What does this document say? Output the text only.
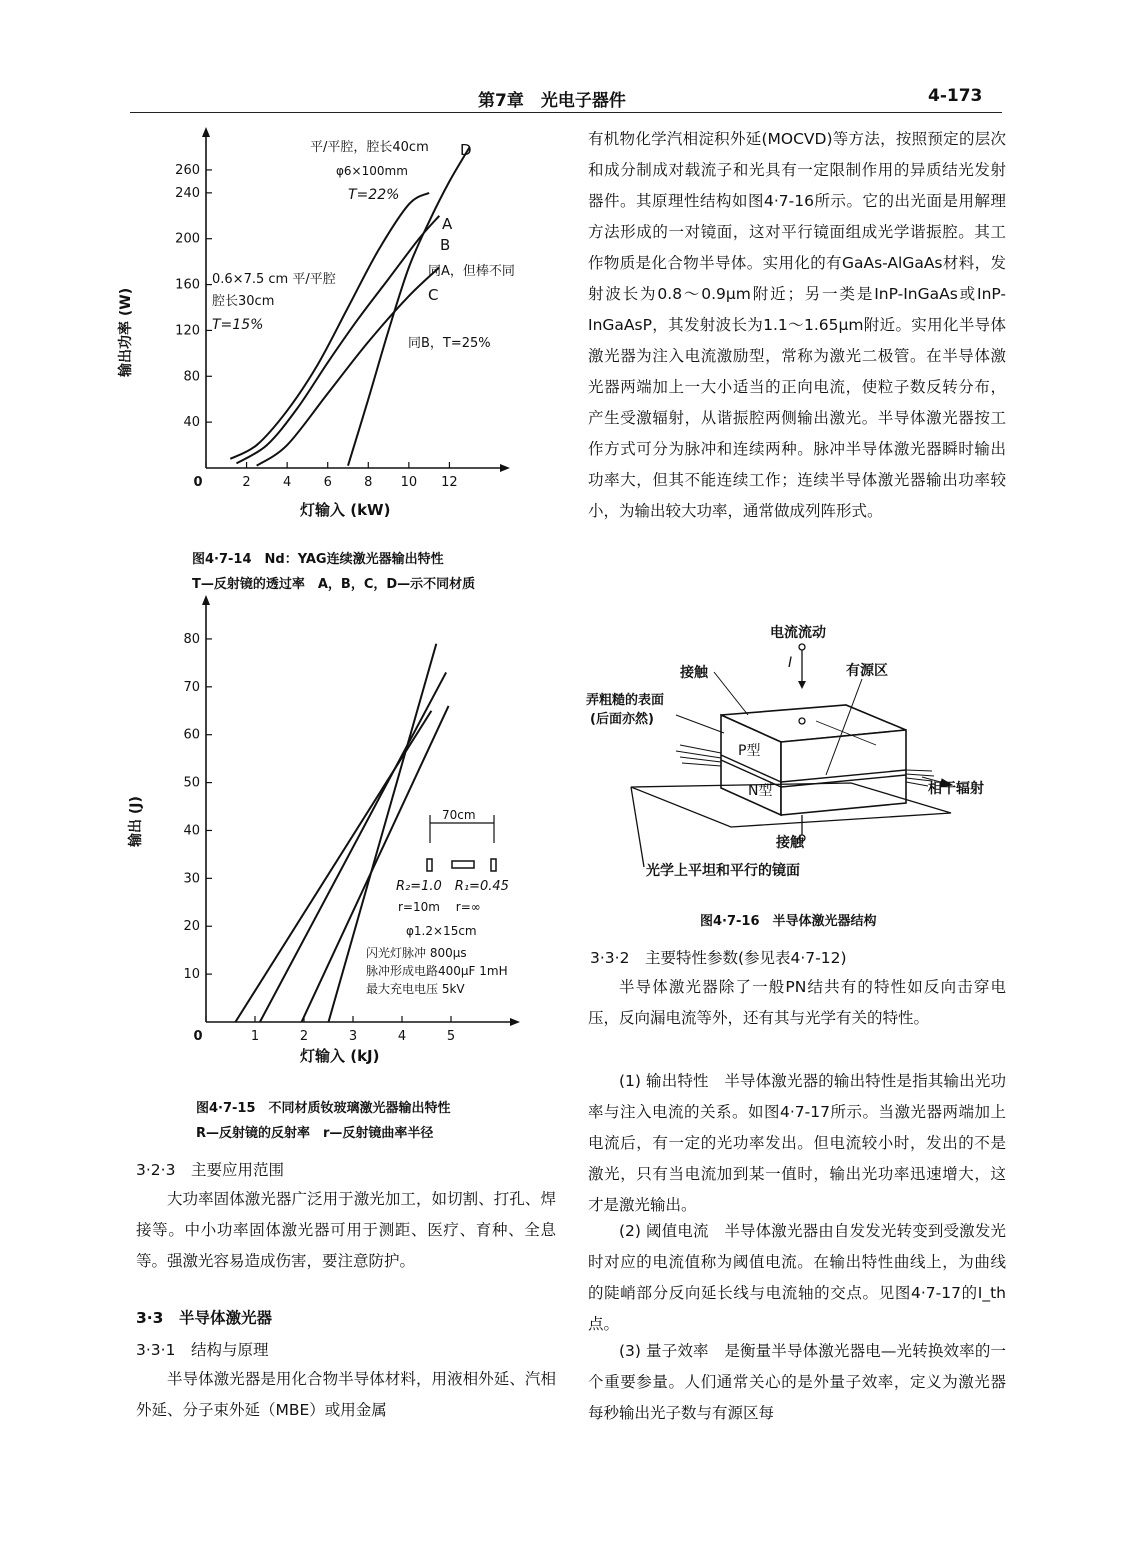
第7章　光电子器件	4-173
40
80
120
160
200
240
260
0	2 4 6 8 10 12
输出功率 (W)
灯输入 (kW)
平/平腔，腔长40cm
φ6×100mm
T=22%
D
A
B
C
0.6×7.5 cm 平/平腔
腔长30cm
T=15%
同A，但棒不同
同B，T=25%
图4·7-14　Nd：YAG连续激光器输出特性
T—反射镜的透过率　A，B，C，D—示不同材质
10
20
30
40
50
60
70
80
0	1	2	3	4	5
输出 (J)
灯输入 (kJ)
70cm
R₂=1.0　R₁=0.45
r=10m　 r=∞
φ1.2×15cm
闪光灯脉冲 800μs
脉冲形成电路400μF 1mH
最大充电电压 5kV
图4·7-15　不同材质钕玻璃激光器输出特性
R—反射镜的反射率　r—反射镜曲率半径
3·2·3　主要应用范围
大功率固体激光器广泛用于激光加工，如切割、打孔、焊接等。中小功率固体激光器可用于测距、医疗、育种、全息等。强激光容易造成伤害，要注意防护。
3·3　半导体激光器
3·3·1　结构与原理
半导体激光器是用化合物半导体材料，用液相外延、汽相外延、分子束外延（MBE）或用金属
有机物化学汽相淀积外延(MOCVD)等方法，按照预定的层次和成分制成对载流子和光具有一定限制作用的异质结光发射器件。其原理性结构如图4·7-16所示。它的出光面是用解理方法形成的一对镜面，这对平行镜面组成光学谐振腔。其工作物质是化合物半导体。实用化的有GaAs-AlGaAs材料，发射波长为0.8～0.9μm附近；另一类是InP-InGaAs或InP-InGaAsP，其发射波长为1.1～1.65μm附近。实用化半导体激光器为注入电流激励型，常称为激光二极管。在半导体激光器两端加上一大小适当的正向电流，使粒子数反转分布，产生受激辐射，从谐振腔两侧输出激光。半导体激光器按工作方式可分为脉冲和连续两种。脉冲半导体激光器瞬时输出功率大，但其不能连续工作；连续半导体激光器输出功率较小，为输出较大功率，通常做成列阵形式。
电流流动
I
P型
N型	相干辐射
接触
光学上平坦和平行的镜面
接触	有源区
弄粗糙的表面
(后面亦然)
图4·7-16　半导体激光器结构
3·3·2　主要特性参数(参见表4·7-12)
半导体激光器除了一般PN结共有的特性如反向击穿电压，反向漏电流等外，还有其与光学有关的特性。
(1) 输出特性　半导体激光器的输出特性是指其输出光功率与注入电流的关系。如图4·7-17所示。当激光器两端加上电流后，有一定的光功率发出。但电流较小时，发出的不是激光，只有当电流加到某一值时，输出光功率迅速增大，这才是激光输出。
(2) 阈值电流　半导体激光器由自发发光转变到受激发光时对应的电流值称为阈值电流。在输出特性曲线上，为曲线的陡峭部分反向延长线与电流轴的交点。见图4·7-17的I_th点。
(3) 量子效率　是衡量半导体激光器电—光转换效率的一个重要参量。人们通常关心的是外量子效率，定义为激光器每秒输出光子数与有源区每
